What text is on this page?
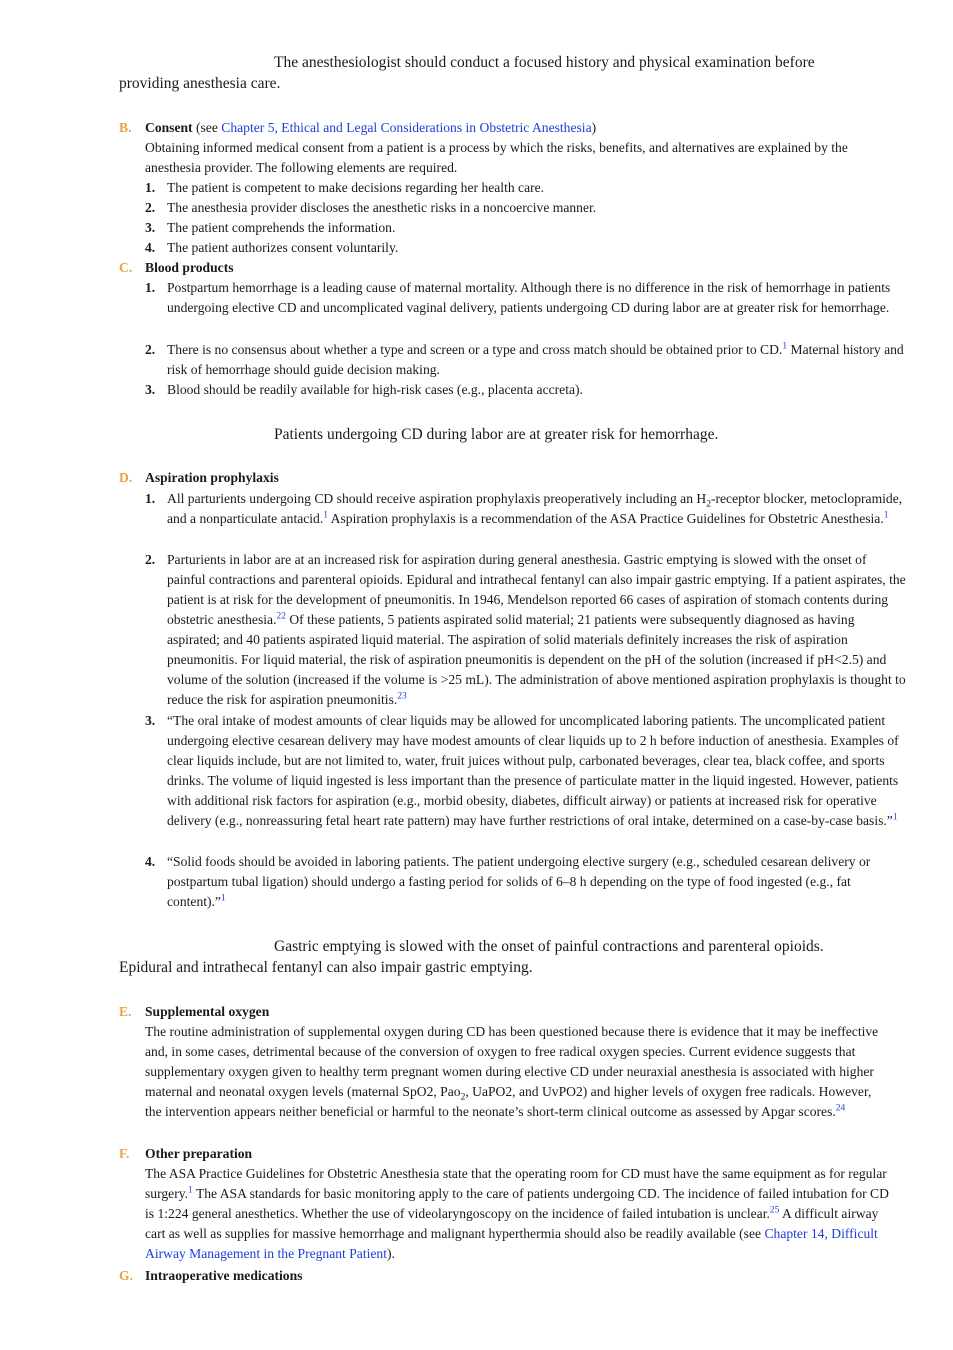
The anesthesiologist should conduct a focused history and physical examination before
providing anesthesia care.
B. Consent (see Chapter 5, Ethical and Legal Considerations in Obstetric Anesthesia)
Obtaining informed medical consent from a patient is a process by which the risks, benefits, and alternatives are explained by the anesthesia provider. The following elements are required.
1. The patient is competent to make decisions regarding her health care.
2. The anesthesia provider discloses the anesthetic risks in a noncoercive manner.
3. The patient comprehends the information.
4. The patient authorizes consent voluntarily.
C. Blood products
1. Postpartum hemorrhage is a leading cause of maternal mortality. Although there is no difference in the risk of hemorrhage in patients undergoing elective CD and uncomplicated vaginal delivery, patients undergoing CD during labor are at greater risk for hemorrhage.
2. There is no consensus about whether a type and screen or a type and cross match should be obtained prior to CD.$^1$ Maternal history and risk of hemorrhage should guide decision making.
3. Blood should be readily available for high-risk cases (e.g., placenta accreta).
Patients undergoing CD during labor are at greater risk for hemorrhage.
D. Aspiration prophylaxis
1. All parturients undergoing CD should receive aspiration prophylaxis preoperatively including an $H_2$-receptor blocker, metoclopramide, and a nonparticulate antacid.$^1$ Aspiration prophylaxis is a recommendation of the ASA Practice Guidelines for Obstetric Anesthesia.$^1$
2. Parturients in labor are at an increased risk for aspiration during general anesthesia. Gastric emptying is slowed with the onset of painful contractions and parenteral opioids. Epidural and intrathecal fentanyl can also impair gastric emptying. If a patient aspirates, the patient is at risk for the development of pneumonitis. In 1946, Mendelson reported 66 cases of aspiration of stomach contents during obstetric anesthesia.$^{22}$ Of these patients, 5 patients aspirated solid material; 21 patients were subsequently diagnosed as having aspirated; and 40 patients aspirated liquid material. The aspiration of solid materials definitely increases the risk of aspiration pneumonitis. For liquid material, the risk of aspiration pneumonitis is dependent on the pH of the solution (increased if pH<2.5) and volume of the solution (increased if the volume is >25 mL). The administration of above mentioned aspiration prophylaxis is thought to reduce the risk for aspiration pneumonitis.$^{23}$
3. “The oral intake of modest amounts of clear liquids may be allowed for uncomplicated laboring patients. The uncomplicated patient undergoing elective cesarean delivery may have modest amounts of clear liquids up to 2 h before induction of anesthesia. Examples of clear liquids include, but are not limited to, water, fruit juices without pulp, carbonated beverages, clear tea, black coffee, and sports drinks. The volume of liquid ingested is less important than the presence of particulate matter in the liquid ingested. However, patients with additional risk factors for aspiration (e.g., morbid obesity, diabetes, difficult airway) or patients at increased risk for operative delivery (e.g., nonreassuring fetal heart rate pattern) may have further restrictions of oral intake, determined on a case-by-case basis.”$^1$
4. “Solid foods should be avoided in laboring patients. The patient undergoing elective surgery (e.g., scheduled cesarean delivery or postpartum tubal ligation) should undergo a fasting period for solids of 6–8 h depending on the type of food ingested (e.g., fat content).”$^1$
Gastric emptying is slowed with the onset of painful contractions and parenteral opioids.
Epidural and intrathecal fentanyl can also impair gastric emptying.
E. Supplemental oxygen
The routine administration of supplemental oxygen during CD has been questioned because there is evidence that it may be ineffective and, in some cases, detrimental because of the conversion of oxygen to free radical oxygen species. Current evidence suggests that supplementary oxygen given to healthy term pregnant women during elective CD under neuraxial anesthesia is associated with higher maternal and neonatal oxygen levels (maternal SpO2, Pao$_2$, UaPO2, and UvPO2) and higher levels of oxygen free radicals. However, the intervention appears neither beneficial or harmful to the neonate’s short-term clinical outcome as assessed by Apgar scores.$^{24}$
F. Other preparation
The ASA Practice Guidelines for Obstetric Anesthesia state that the operating room for CD must have the same equipment as for regular surgery.$^1$ The ASA standards for basic monitoring apply to the care of patients undergoing CD. The incidence of failed intubation for CD is 1:224 general anesthetics. Whether the use of videolaryngoscopy on the incidence of failed intubation is unclear.$^{25}$ A difficult airway cart as well as supplies for massive hemorrhage and malignant hyperthermia should also be readily available (see Chapter 14, Difficult Airway Management in the Pregnant Patient).
G. Intraoperative medications
